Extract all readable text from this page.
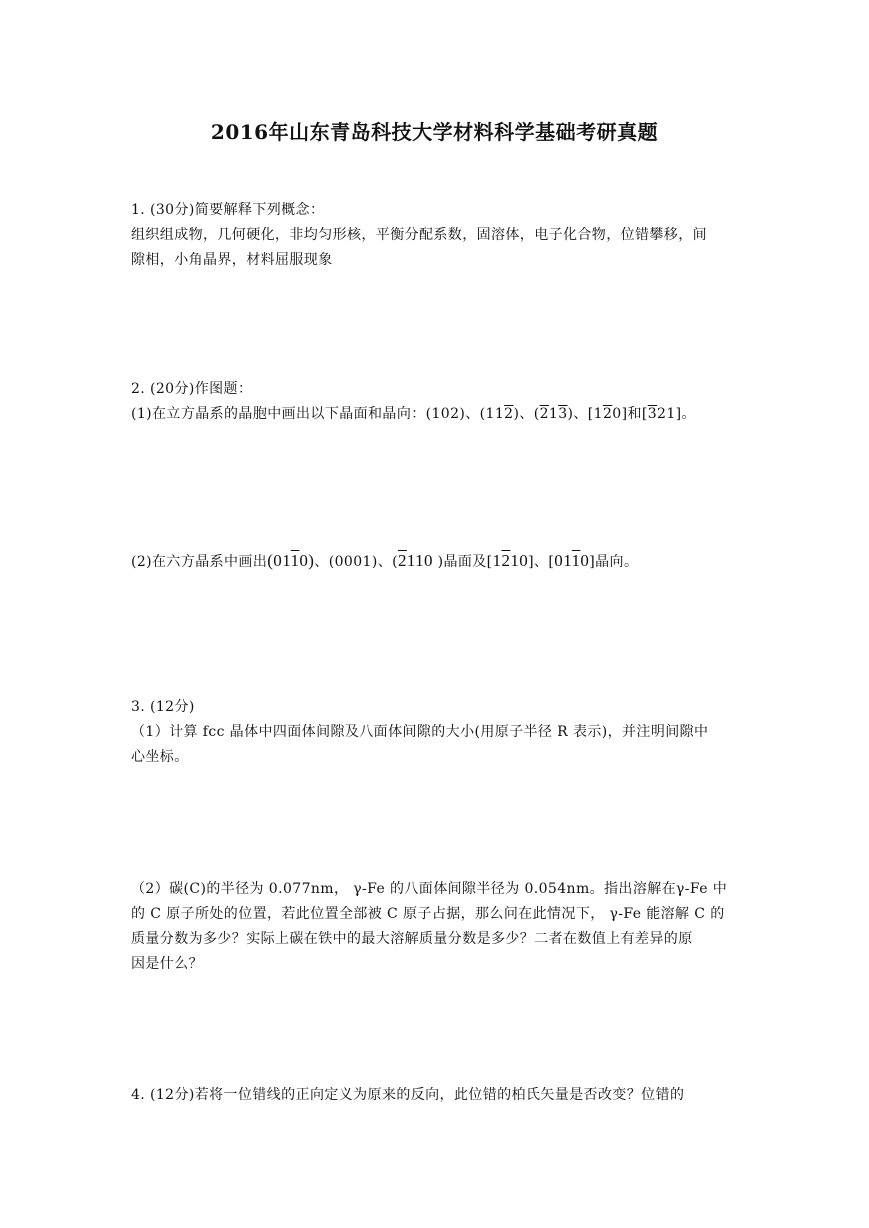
2016年山东青岛科技大学材料科学基础考研真题
1. (30分)简要解释下列概念：
组织组成物，几何硬化，非均匀形核，平衡分配系数，固溶体，电子化合物，位错攀移，间
隙相，小角晶界，材料屈服现象
2. (20分)作图题：
(1)在立方晶系的晶胞中画出以下晶面和晶向：(102)、(112)、(213)、[120]和[321]。
(2)在六方晶系中画出(0110)、(0001)、(2110 )晶面及[1210]、[0110]晶向。
3. (12分)
（1）计算 fcc 晶体中四面体间隙及八面体间隙的大小(用原子半径 R 表示)，并注明间隙中
心坐标。
（2）碳(C)的半径为 0.077nm， γ-Fe 的八面体间隙半径为 0.054nm。指出溶解在γ-Fe 中
的 C 原子所处的位置，若此位置全部被 C 原子占据，那么问在此情况下， γ-Fe 能溶解 C 的
质量分数为多少？实际上碳在铁中的最大溶解质量分数是多少？二者在数值上有差异的原
因是什么？
4. (12分)若将一位错线的正向定义为原来的反向，此位错的柏氏矢量是否改变？位错的
